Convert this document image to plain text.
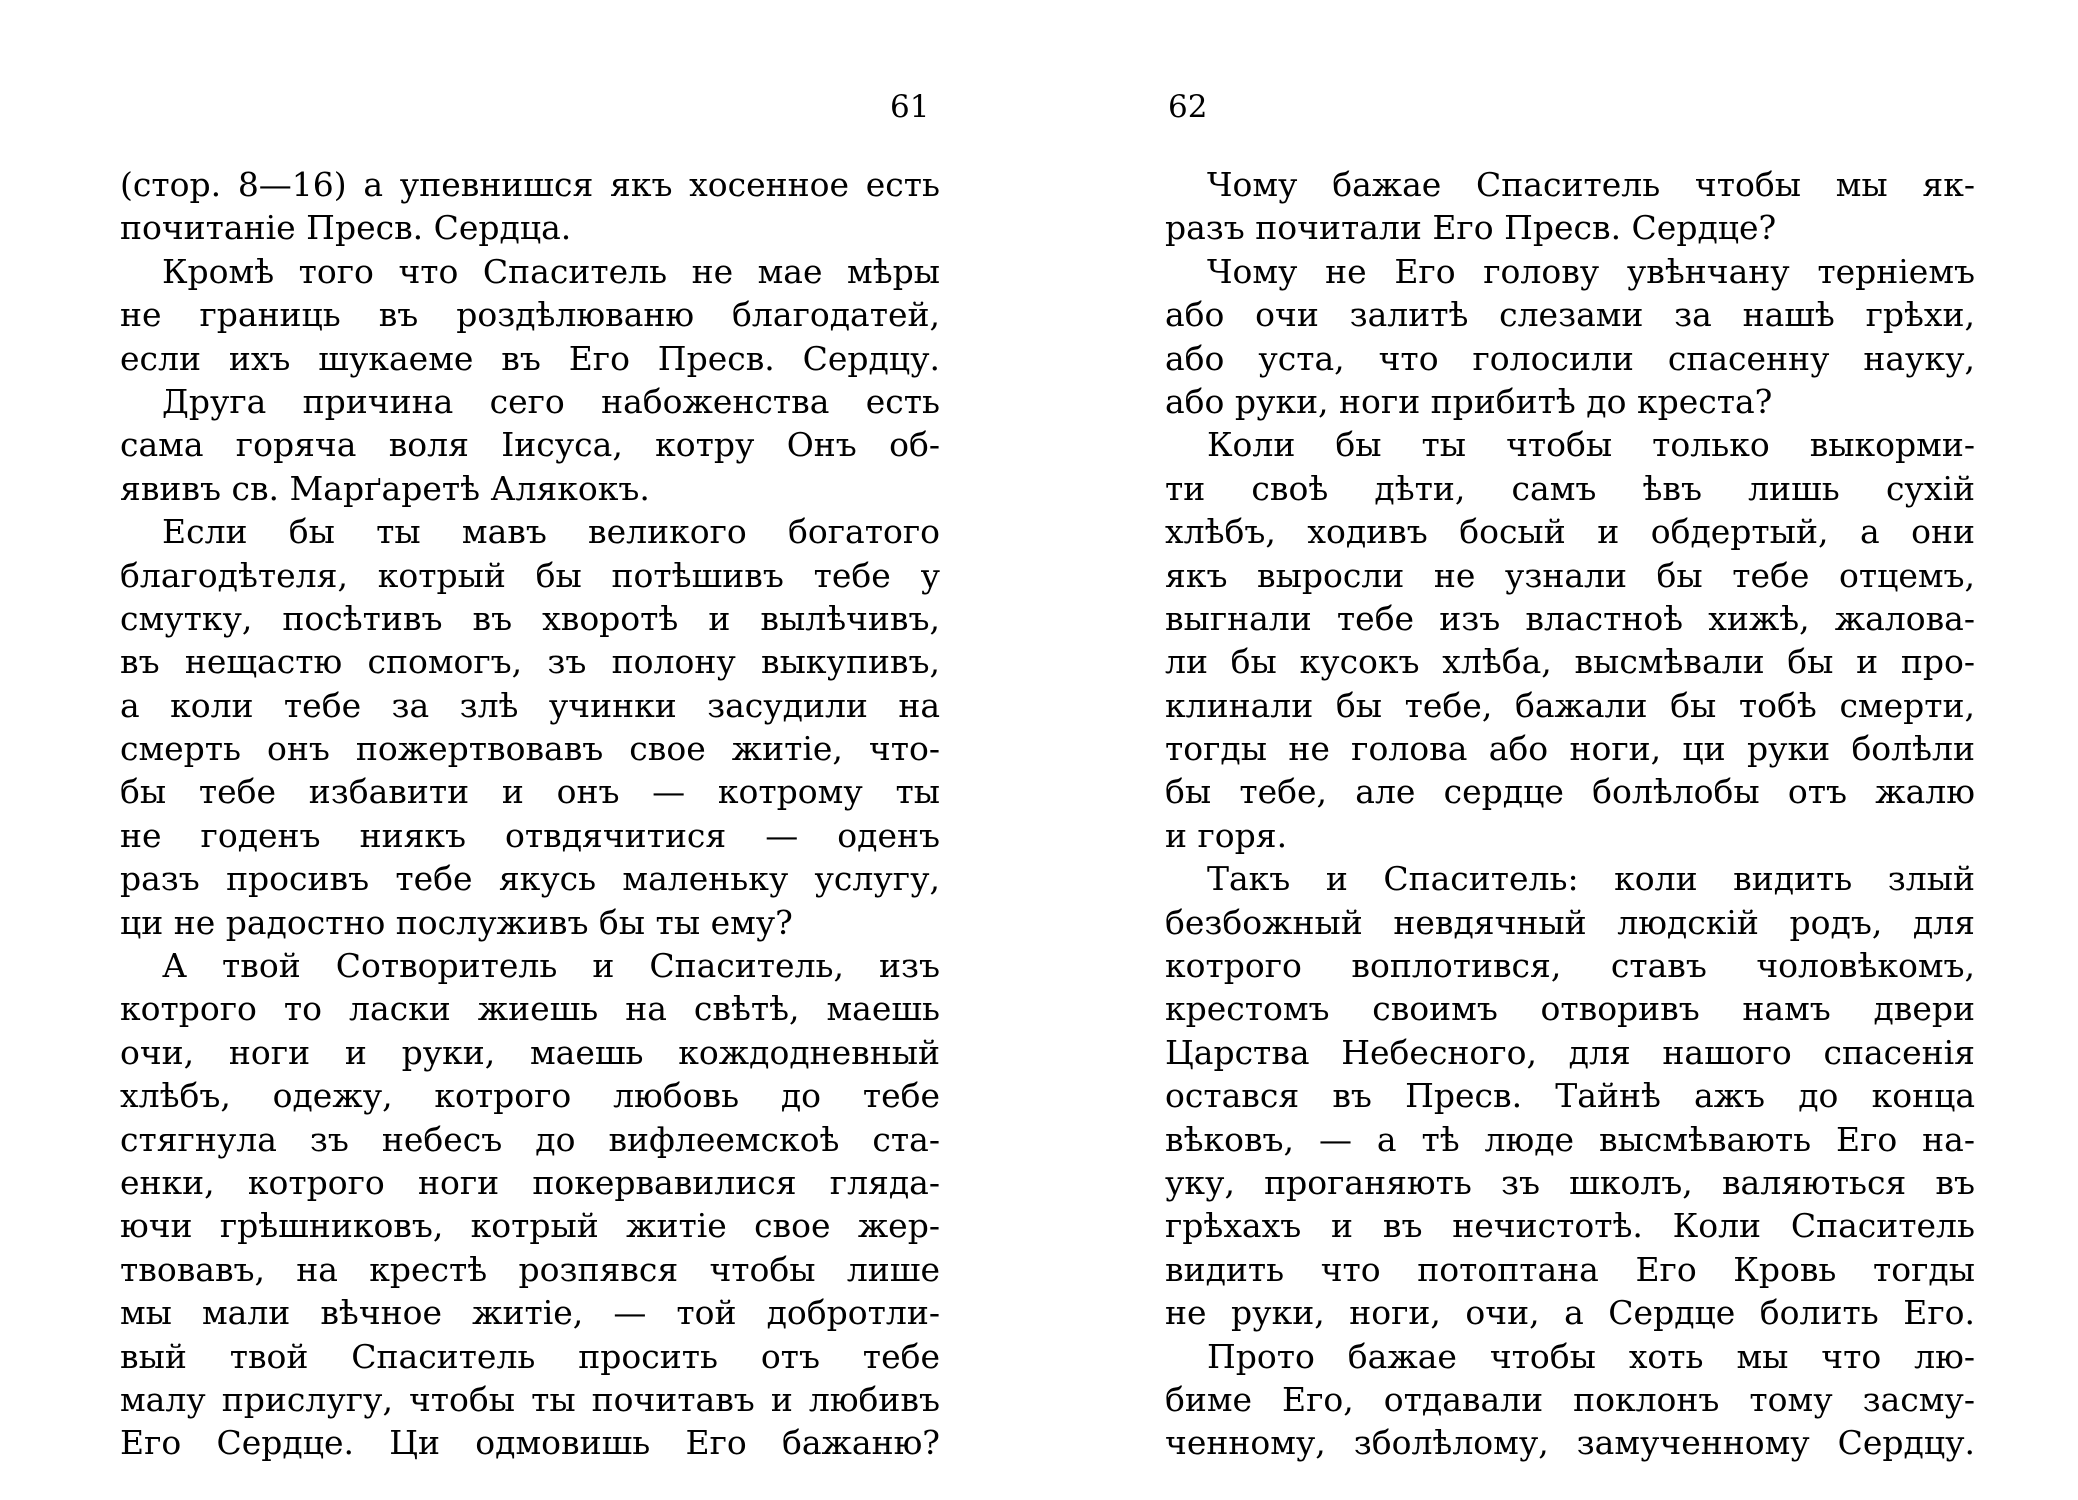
61
(стор. 8—16) а упевнишся якъ хосенное есть
почитанiе Пресв. Сердца.
Кромѣ того что Спаситель не мае мѣры
не границь въ роздѣлюваню благодатей,
если ихъ шукаеме въ Его Пресв. Сердцу.
Друга причина сего набоженства есть
сама горяча воля Iисуса, котру Онъ об-
явивъ св. Марґаретѣ Алякокъ.
Если бы ты мавъ великого богатого
благодѣтеля, котрый бы потѣшивъ тебе у
смутку, посѣтивъ въ хворотѣ и вылѣчивъ,
въ нещастю спомогъ, зъ полону выкупивъ,
а коли тебе за злѣ учинки засудили на
смерть онъ пожертвовавъ свое житiе, что-
бы тебе избавити и онъ — котрому ты
не годенъ ниякъ отвдячитися — оденъ
разъ просивъ тебе якусь маленьку услугу,
ци не радостно послуживъ бы ты ему?
А твой Сотворитель и Спаситель, изъ
котрого то ласки жиешь на свѣтѣ, маешь
очи, ноги и руки, маешь кождодневный
хлѣбъ, одежу, котрого любовь до тебе
стягнула зъ небесъ до вифлеемскоѣ ста-
енки, котрого ноги покервавилися гляда-
ючи грѣшниковъ, котрый житiе свое жер-
твовавъ, на крестѣ розпявся чтобы лише
мы мали вѣчное житiе, — той добротли-
вый твой Спаситель просить отъ тебе
малу прислугу, чтобы ты почитавъ и любивъ
Его Сердце. Ци одмовишь Его бажаню?
62
Чому бажае Спаситель чтобы мы як-
разъ почитали Его Пресв. Сердце?
Чому не Его голову увѣнчану тернiемъ
або очи залитѣ слезами за нашѣ грѣхи,
або уста, что голосили спасенну науку,
або руки, ноги прибитѣ до креста?
Коли бы ты чтобы только выкорми-
ти своѣ дѣти, самъ ѣвъ лишь сухiй
хлѣбъ, ходивъ босый и обдертый, а они
якъ выросли не узнали бы тебе отцемъ,
выгнали тебе изъ властноѣ хижѣ, жалова-
ли бы кусокъ хлѣба, высмѣвали бы и про-
клинали бы тебе, бажали бы тобѣ смерти,
тогды не голова або ноги, ци руки болѣли
бы тебе, але сердце болѣлобы отъ жалю
и горя.
Такъ и Спаситель: коли видить злый
безбожный невдячный людскiй родъ, для
котрого воплотився, ставъ чоловѣкомъ,
крестомъ своимъ отворивъ намъ двери
Царства Небесного, для нашого спасенiя
остався въ Пресв. Тайнѣ ажъ до конца
вѣковъ, — а тѣ люде высмѣвають Его на-
уку, проганяють зъ школъ, валяються въ
грѣхахъ и въ нечистотѣ. Коли Спаситель
видить что потоптана Его Кровь тогды
не руки, ноги, очи, а Сердце болить Его.
Прото бажае чтобы хоть мы что лю-
биме Его, отдавали поклонъ тому засму-
ченному, зболѣлому, замученному Сердцу.
